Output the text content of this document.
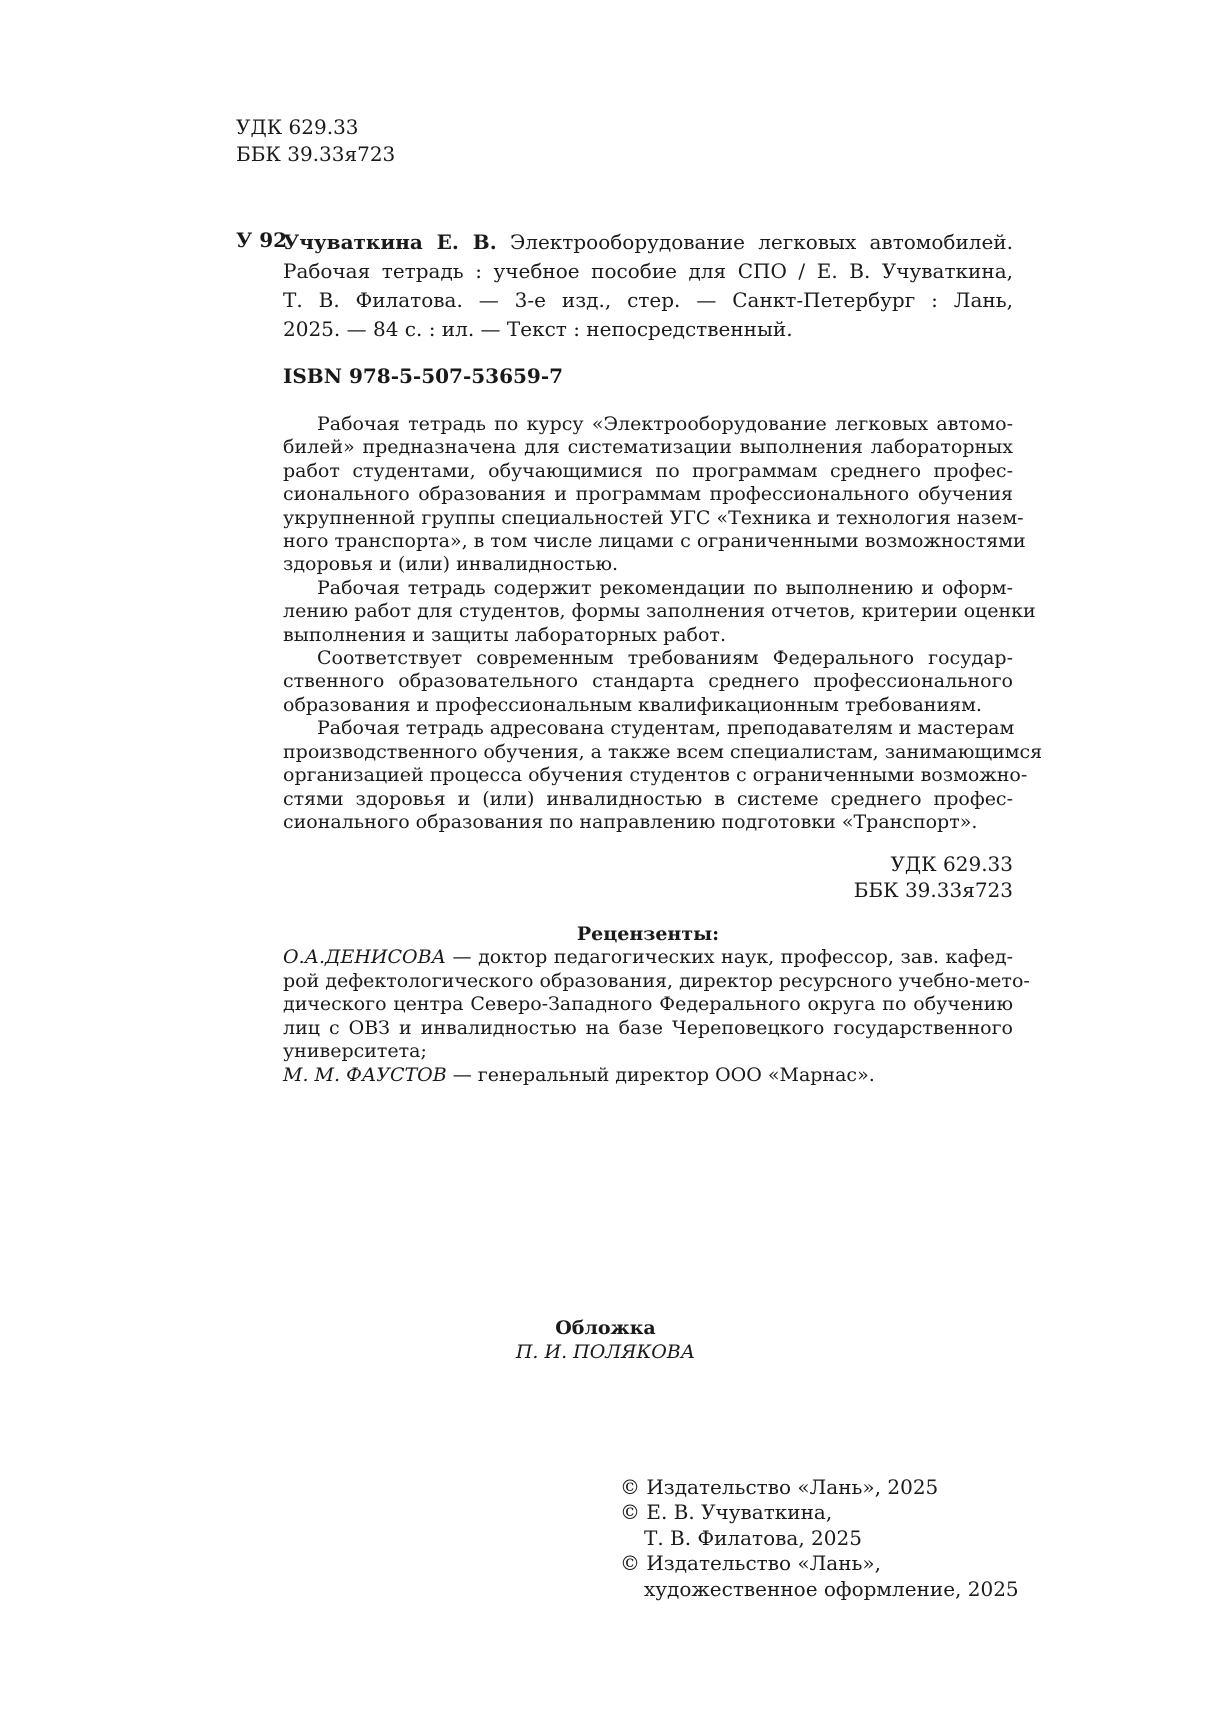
УДК 629.33
ББК 39.33я723
У 92
Учуваткина Е. В. Электрооборудование легковых автомобилей.
Рабочая тетрадь : учебное пособие для СПО / Е. В. Учуваткина,
Т. В. Филатова. — 3-е изд., стер. — Санкт-Петербург : Лань,
2025. — 84 с. : ил. — Текст : непосредственный.
ISBN 978-5-507-53659-7
Рабочая тетрадь по курсу «Электрооборудование легковых автомо-
билей» предназначена для систематизации выполнения лабораторных
работ студентами, обучающимися по программам среднего профес-
сионального образования и программам профессионального обучения
укрупненной группы специальностей УГС «Техника и технология назем-
ного транспорта», в том числе лицами с ограниченными возможностями
здоровья и (или) инвалидностью.
Рабочая тетрадь содержит рекомендации по выполнению и оформ-
лению работ для студентов, формы заполнения отчетов, критерии оценки
выполнения и защиты лабораторных работ.
Соответствует современным требованиям Федерального государ-
ственного образовательного стандарта среднего профессионального
образования и профессиональным квалификационным требованиям.
Рабочая тетрадь адресована студентам, преподавателям и мастерам
производственного обучения, а также всем специалистам, занимающимся
организацией процесса обучения студентов с ограниченными возможно-
стями здоровья и (или) инвалидностью в системе среднего профес-
сионального образования по направлению подготовки «Транспорт».
УДК 629.33
ББК 39.33я723
Рецензенты:
О.А.ДЕНИСОВА — доктор педагогических наук, профессор, зав. кафед-
рой дефектологического образования, директор ресурсного учебно-мето-
дического центра Северо-Западного Федерального округа по обучению
лиц с ОВЗ и инвалидностью на базе Череповецкого государственного
университета;
М. М. ФАУСТОВ — генеральный директор ООО «Марнас».
Обложка
П. И. ПОЛЯКОВА
© Издательство «Лань», 2025
© Е. В. Учуваткина,
Т. В. Филатова, 2025
© Издательство «Лань»,
художественное оформление, 2025
